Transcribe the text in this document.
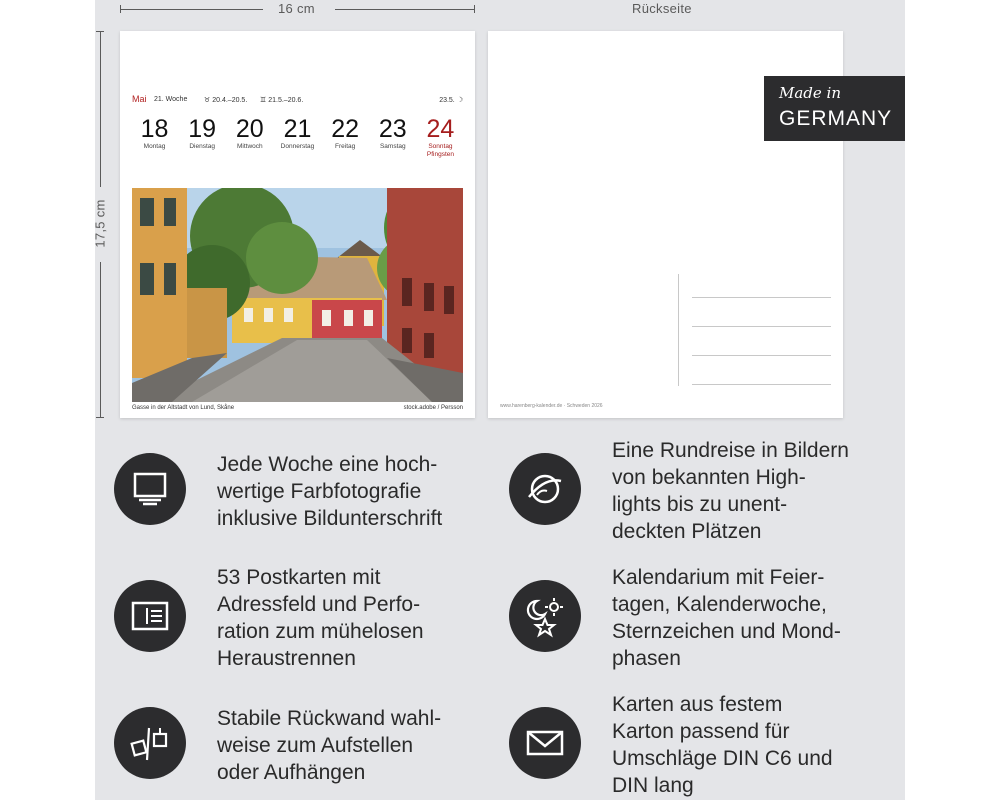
16 cm	Rückseite
17,5 cm
Mai 21. Woche ♉︎ 20.4.–20.5. ♊︎ 21.5.–20.6.	23.5. ☽
18
Montag
19
Dienstag
20
Mittwoch
21
Donnerstag
22
Freitag
23
Samstag
24
Sonntag
Pfingsten
Gasse in der Altstadt von Lund, Skåne	stock.adobe / Persson	www.harenberg-kalender.de · Schweden 2026
Made in
GERMANY
Jede Woche eine hoch-
wertige Farbfotografie
inklusive Bildunterschrift
Eine Rundreise in Bildern
von bekannten High-
lights bis zu unent-
deckten Plätzen
53 Postkarten mit
Adressfeld und Perfo-
ration zum mühelosen
Heraustrennen
Kalendarium mit Feier-
tagen, Kalenderwoche,
Sternzeichen und Mond-
phasen
Stabile Rückwand wahl-
weise zum Aufstellen
oder Aufhängen
Karten aus festem
Karton passend für
Umschläge DIN C6 und
DIN lang
